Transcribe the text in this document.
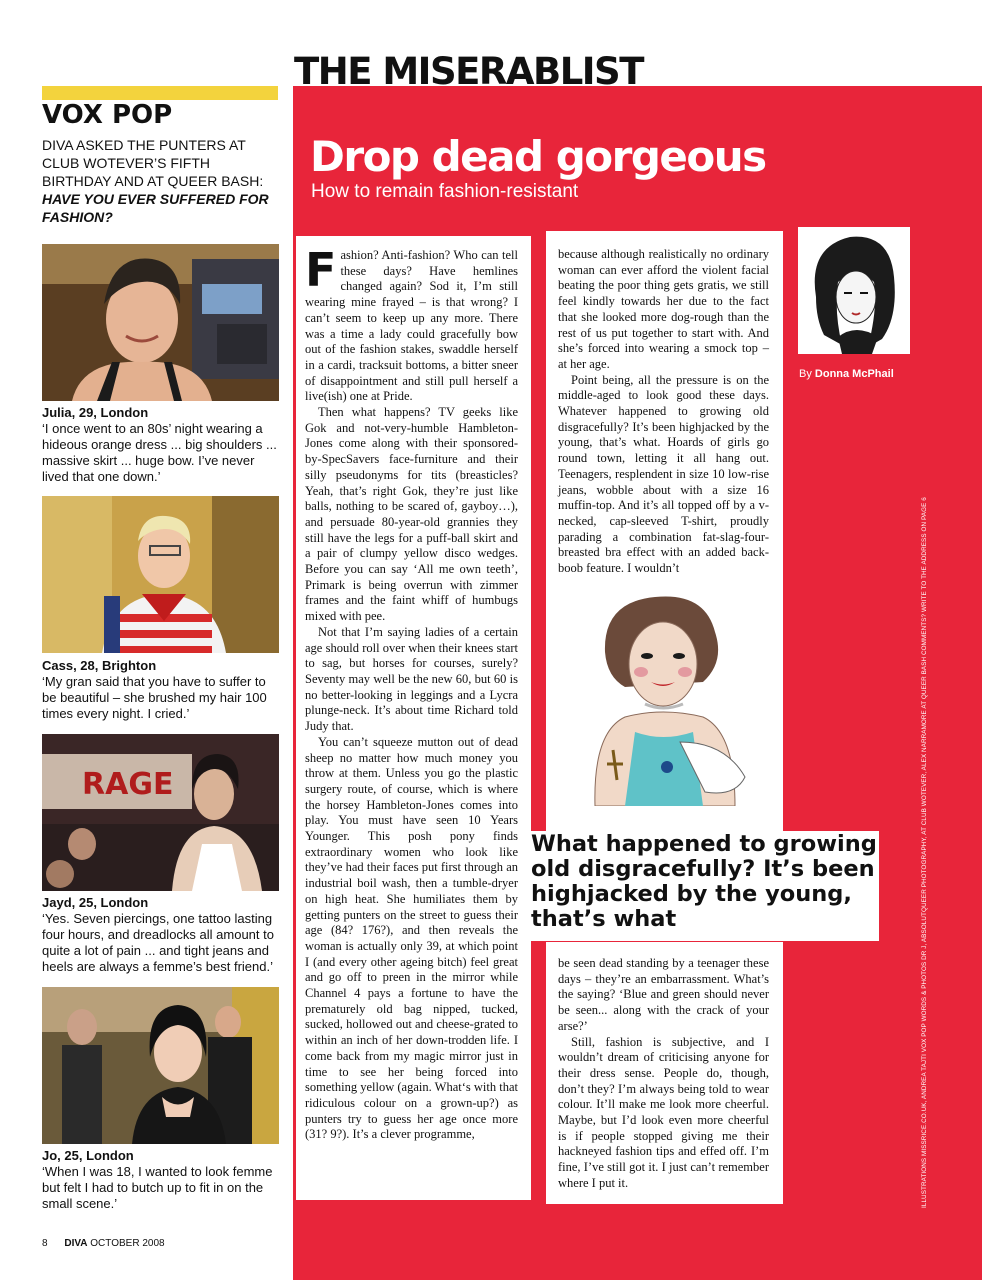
THE MISERABLIST
Drop dead gorgeous
How to remain fashion-resistant
VOX POP
DIVA ASKED THE PUNTERS AT CLUB WOTEVER’S FIFTH BIRTHDAY AND AT QUEER BASH: HAVE YOU EVER SUFFERED FOR FASHION?
Julia, 29, London
‘I once went to an 80s’ night wearing a hideous orange dress ... big shoulders ... massive skirt ... huge bow. I’ve never lived that one down.’
Cass, 28, Brighton
‘My gran said that you have to suffer to be beautiful – she brushed my hair 100 times every night. I cried.’
RAGE
Jayd, 25, London
‘Yes. Seven piercings, one tattoo lasting four hours, and dreadlocks all amount to quite a lot of pain ... and tight jeans and heels are always a femme’s best friend.’
Jo, 25, London
‘When I was 18, I wanted to look femme but felt I had to butch up to fit in on the small scene.’

Fashion? Anti-fashion? Who can tell these days? Have hemlines changed again? Sod it, I’m still wearing mine frayed – is that wrong? I can’t seem to keep up any more. There was a time a lady could gracefully bow out of the fashion stakes, swaddle herself in a cardi, tracksuit bottoms, a bitter sneer of disappointment and still pull herself a live(ish) one at Pride.

Then what happens? TV geeks like Gok and not-very-humble Hambleton-Jones come along with their sponsored-by-SpecSavers face-furniture and their silly pseudonyms for tits (breasticles? Yeah, that’s right Gok, they’re just like balls, nothing to be scared of, gayboy…), and persuade 80-year-old grannies they still have the legs for a puff-ball skirt and a pair of clumpy yellow disco wedges. Before you can say ‘All me own teeth’, Primark is being overrun with zimmer frames and the faint whiff of humbugs mixed with pee.

Not that I’m saying ladies of a certain age should roll over when their knees start to sag, but horses for courses, surely? Seventy may well be the new 60, but 60 is no better-looking in leggings and a Lycra plunge-neck. It’s about time Richard told Judy that.

You can’t squeeze mutton out of dead sheep no matter how much money you throw at them. Unless you go the plastic surgery route, of course, which is where the horsey Hambleton-Jones comes into play. You must have seen 10 Years Younger. This posh pony finds extraordinary women who look like they’ve had their faces put first through an industrial boil wash, then a tumble-dryer on high heat. She humiliates them by getting punters on the street to guess their age (84? 176?), and then reveals the woman is actually only 39, at which point I (and every other ageing bitch) feel great and go off to preen in the mirror while Channel 4 pays a fortune to have the prematurely old bag nipped, tucked, sucked, hollowed out and cheese-grated to within an inch of her down-trodden life. I come back from my magic mirror just in time to see her being forced into something yellow (again. What‘s with that ridiculous colour on a grown-up?) as punters try to guess her age once more (31? 9?). It’s a clever programme,

because although realistically no ordinary woman can ever afford the violent facial beating the poor thing gets gratis, we still feel kindly towards her due to the fact that she looked more dog-rough than the rest of us put together to start with. And she’s forced into wearing a smock top – at her age.

Point being, all the pressure is on the middle-aged to look good these days. Whatever happened to growing old disgracefully? It’s been highjacked by the young, that’s what. Hoards of girls go round town, letting it all hang out. Teenagers, resplendent in size 10 low-rise jeans, wobble about with a size 16 muffin-top. And it’s all topped off by a v-necked, cap-sleeved T-shirt, proudly parading a combination fat-slag-four-breasted bra effect with an added back-boob feature. I wouldn’t

What happened to growing old disgracefully? It’s been highjacked by the young, that’s what

be seen dead standing by a teenager these days – they’re an embarrassment. What’s the saying? ‘Blue and green should never be seen... along with the crack of your arse?’

Still, fashion is subjective, and I wouldn’t dream of criticising anyone for their dress sense. People do, though, don’t they? I’m always being told to wear colour. It’ll make me look more cheerful. Maybe, but I’d look even more cheerful is if people stopped giving me their hackneyed fashion tips and effed off. I’m fine, I’ve still got it. I just can’t remember where I put it.

By Donna McPhail
ILLUSTRATIONS MISSRICE.CO.UK, ANDREA TAJTI VOX POP WORDS & PHOTOS DR J, ABSOLUTQUEER PHOTOGRAPHY, AT CLUB WOTEVER, ALEX NARRAMORE AT QUEER BASH COMMENTS? WRITE TO THE ADDRESS ON PAGE 6
8 DIVA OCTOBER 2008
